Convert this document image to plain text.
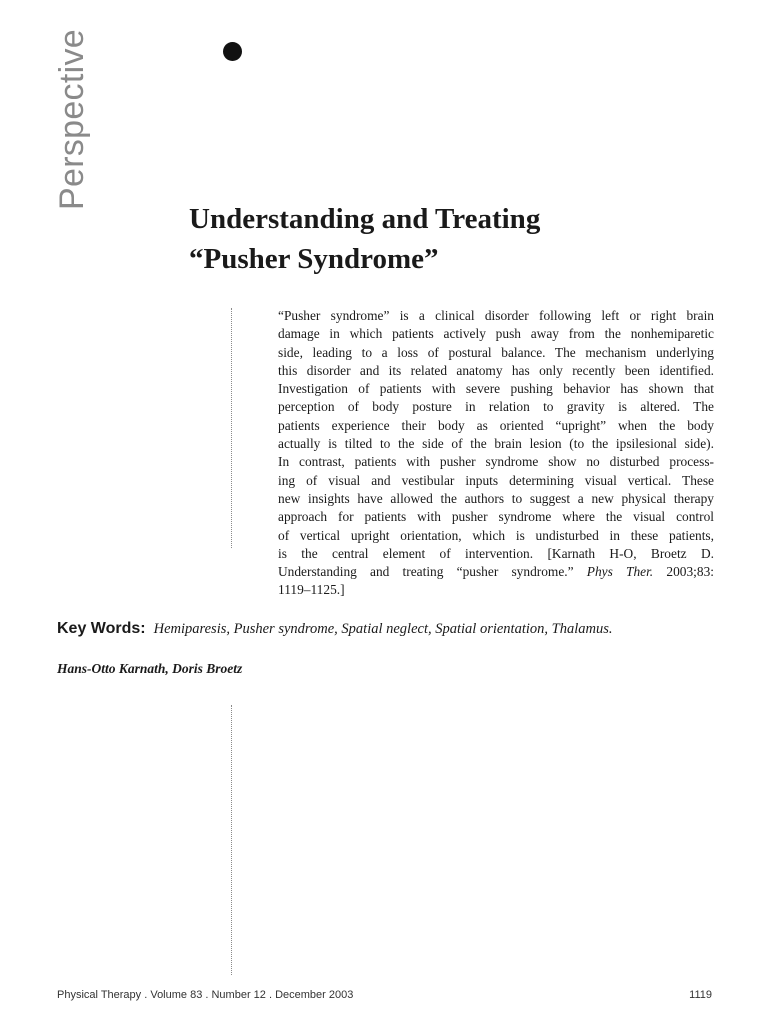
Perspective
Understanding and Treating
“Pusher Syndrome”
“Pusher syndrome” is a clinical disorder following left or right brain
damage in which patients actively push away from the nonhemiparetic
side, leading to a loss of postural balance. The mechanism underlying
this disorder and its related anatomy has only recently been identified.
Investigation of patients with severe pushing behavior has shown that
perception of body posture in relation to gravity is altered. The
patients experience their body as oriented “upright” when the body
actually is tilted to the side of the brain lesion (to the ipsilesional side).
In contrast, patients with pusher syndrome show no disturbed process-
ing of visual and vestibular inputs determining visual vertical. These
new insights have allowed the authors to suggest a new physical therapy
approach for patients with pusher syndrome where the visual control
of vertical upright orientation, which is undisturbed in these patients,
is the central element of intervention. [Karnath H-O, Broetz D.
Understanding and treating “pusher syndrome.” Phys Ther. 2003;83:
1119–1125.]
Key Words: Hemiparesis, Pusher syndrome, Spatial neglect, Spatial orientation, Thalamus.
Hans-Otto Karnath, Doris Broetz
Physical Therapy . Volume 83 . Number 12 . December 2003	1119
